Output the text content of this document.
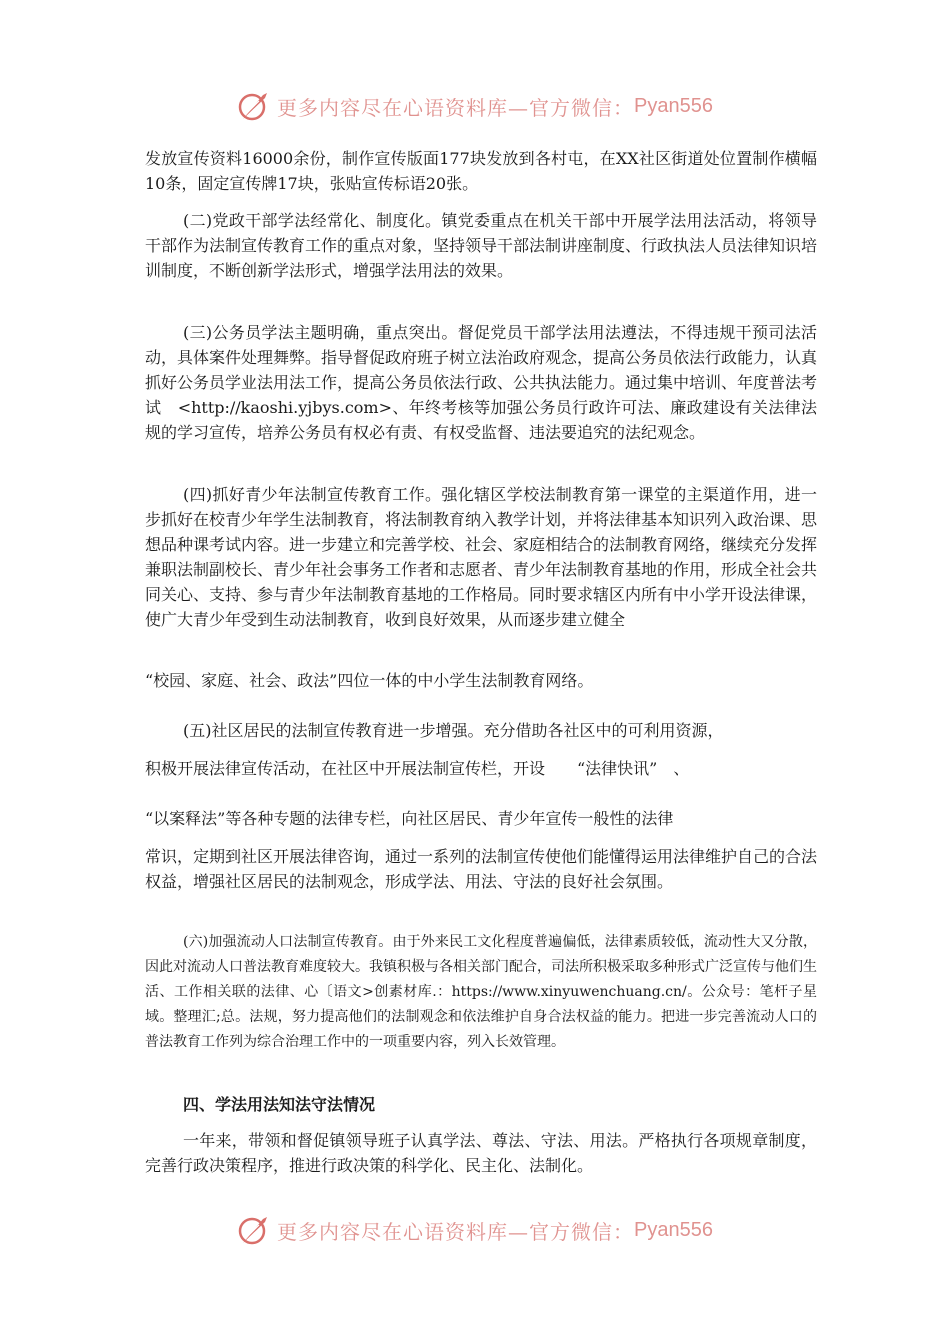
更多内容尽在心语资料库—官方微信： Pyan556

发放宣传资料16000余份，制作宣传版面177块发放到各村屯，在XX社区街道处位置制作横幅10条，固定宣传牌17块，张贴宣传标语20张。

(二)党政干部学法经常化、制度化。镇党委重点在机关干部中开展学法用法活动，将领导干部作为法制宣传教育工作的重点对象，坚持领导干部法制讲座制度、行政执法人员法律知识培训制度，不断创新学法形式，增强学法用法的效果。

(三)公务员学法主题明确，重点突出。督促党员干部学法用法遵法，不得违规干预司法活动，具体案件处理舞弊。指导督促政府班子树立法治政府观念，提高公务员依法行政能力，认真抓好公务员学业法用法工作，提高公务员依法行政、公共执法能力。通过集中培训、年度普法考试　<http://kaoshi.yjbys.com>、年终考核等加强公务员行政许可法、廉政建设有关法律法规的学习宣传，培养公务员有权必有责、有权受监督、违法要追究的法纪观念。

(四)抓好青少年法制宣传教育工作。强化辖区学校法制教育第一课堂的主渠道作用，进一步抓好在校青少年学生法制教育，将法制教育纳入教学计划，并将法律基本知识列入政治课、思想品种课考试内容。进一步建立和完善学校、社会、家庭相结合的法制教育网络，继续充分发挥兼职法制副校长、青少年社会事务工作者和志愿者、青少年法制教育基地的作用，形成全社会共同关心、支持、参与青少年法制教育基地的工作格局。同时要求辖区内所有中小学开设法律课，使广大青少年受到生动法制教育，收到良好效果，从而逐步建立健全

“校园、家庭、社会、政法”四位一体的中小学生法制教育网络。

(五)社区居民的法制宣传教育进一步增强。充分借助各社区中的可利用资源，

积极开展法律宣传活动，在社区中开展法制宣传栏，开设　　“法律快讯”　、

“以案释法”等各种专题的法律专栏，向社区居民、青少年宣传一般性的法律

常识，定期到社区开展法律咨询，通过一系列的法制宣传使他们能懂得运用法律维护自己的合法权益，增强社区居民的法制观念，形成学法、用法、守法的良好社会氛围。

(六)加强流动人口法制宣传教育。由于外来民工文化程度普遍偏低，法律素质较低，流动性大又分散，因此对流动人口普法教育难度较大。我镇积极与各相关部门配合，司法所积极采取多种形式广泛宣传与他们生活、工作相关联的法律、心〔语文>创素材库.：https://www.xinyuwenchuang.cn/。公众号：笔杆子星域。整理汇;总。法规，努力提高他们的法制观念和依法维护自身合法权益的能力。把进一步完善流动人口的普法教育工作列为综合治理工作中的一项重要内容，列入长效管理。

四、学法用法知法守法情况

一年来，带领和督促镇领导班子认真学法、尊法、守法、用法。严格执行各项规章制度，完善行政决策程序，推进行政决策的科学化、民主化、法制化。

更多内容尽在心语资料库—官方微信： Pyan556
